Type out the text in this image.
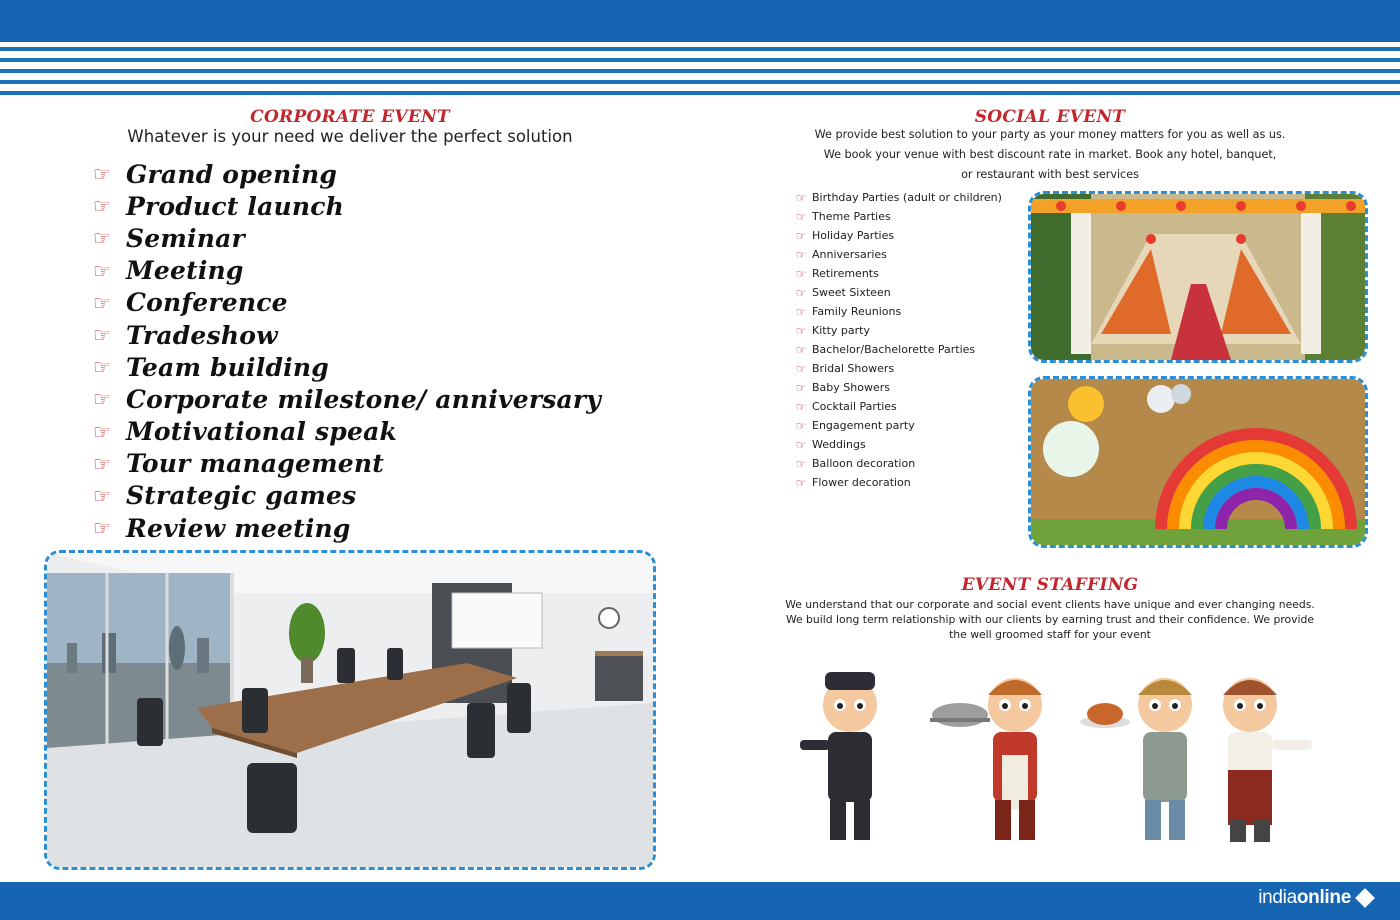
CORPORATE EVENT
Whatever is your need we deliver the perfect solution
☞ Grand opening
☞ Product launch
☞ Seminar
☞ Meeting
☞ Conference
☞ Tradeshow
☞ Team building
☞ Corporate milestone/ anniversary
☞ Motivational speak
☞ Tour management
☞ Strategic games
☞ Review meeting
SOCIAL EVENT
We provide best solution to your party as your money matters for you as well as us.
We book your venue with best discount rate in market. Book any hotel, banquet,
or restaurant with best services
☞ Birthday Parties (adult or children)
☞ Theme Parties
☞ Holiday Parties
☞ Anniversaries
☞ Retirements
☞ Sweet Sixteen
☞ Family Reunions
☞ Kitty party
☞ Bachelor/Bachelorette Parties
☞ Bridal Showers
☞ Baby Showers
☞ Cocktail Parties
☞ Engagement party
☞ Weddings
☞ Balloon decoration
☞ Flower decoration
EVENT STAFFING
We understand that our corporate and social event clients have unique and ever changing needs.
We build long term relationship with our clients by earning trust and their confidence. We provide
the well groomed staff for your event
india online
